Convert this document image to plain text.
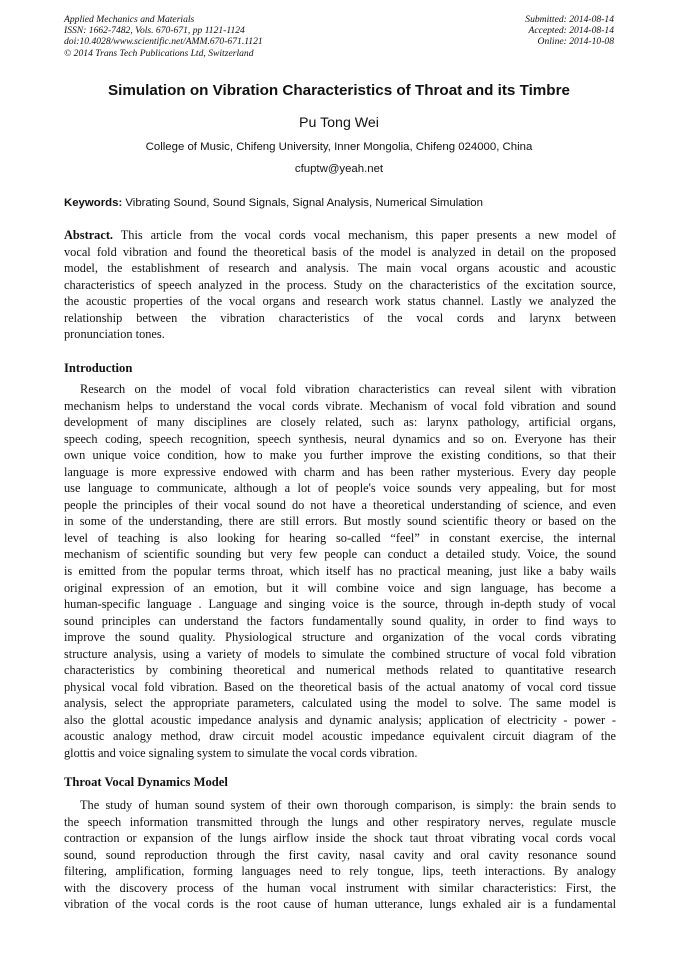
Applied Mechanics and Materials
ISSN: 1662-7482, Vols. 670-671, pp 1121-1124
doi:10.4028/www.scientific.net/AMM.670-671.1121
© 2014 Trans Tech Publications Ltd, Switzerland
Submitted: 2014-08-14
Accepted: 2014-08-14
Online: 2014-10-08
Simulation on Vibration Characteristics of Throat and its Timbre
Pu Tong Wei
College of Music, Chifeng University, Inner Mongolia, Chifeng 024000, China
cfuptw@yeah.net
Keywords: Vibrating Sound, Sound Signals, Signal Analysis, Numerical Simulation
Abstract. This article from the vocal cords vocal mechanism, this paper presents a new model of
vocal fold vibration and found the theoretical basis of the model is analyzed in detail on the proposed
model, the establishment of research and analysis. The main vocal organs acoustic and acoustic
characteristics of speech analyzed in the process. Study on the characteristics of the excitation source,
the acoustic properties of the vocal organs and research work status channel. Lastly we analyzed the
relationship between the vibration characteristics of the vocal cords and larynx between
pronunciation tones.
Introduction
Research on the model of vocal fold vibration characteristics can reveal silent with vibration
mechanism helps to understand the vocal cords vibrate. Mechanism of vocal fold vibration and sound
development of many disciplines are closely related, such as: larynx pathology, artificial organs,
speech coding, speech recognition, speech synthesis, neural dynamics and so on. Everyone has their
own unique voice condition, how to make you further improve the existing conditions, so that their
language is more expressive endowed with charm and has been rather mysterious. Every day people
use language to communicate, although a lot of people's voice sounds very appealing, but for most
people the principles of their vocal sound do not have a theoretical understanding of science, and even
in some of the understanding, there are still errors. But mostly sound scientific theory or based on the
level of teaching is also looking for hearing so-called “feel” in constant exercise, the internal
mechanism of scientific sounding but very few people can conduct a detailed study. Voice, the sound
is emitted from the popular terms throat, which itself has no practical meaning, just like a baby wails
original expression of an emotion, but it will combine voice and sign language, has become a
human-specific language . Language and singing voice is the source, through in-depth study of vocal
sound principles can understand the factors fundamentally sound quality, in order to find ways to
improve the sound quality. Physiological structure and organization of the vocal cords vibrating
structure analysis, using a variety of models to simulate the combined structure of vocal fold vibration
characteristics by combining theoretical and numerical methods related to quantitative research
physical vocal fold vibration. Based on the theoretical basis of the actual anatomy of vocal cord tissue
analysis, select the appropriate parameters, calculated using the model to solve. The same model is
also the glottal acoustic impedance analysis and dynamic analysis; application of electricity - power -
acoustic analogy method, draw circuit model acoustic impedance equivalent circuit diagram of the
glottis and voice signaling system to simulate the vocal cords vibration.
Throat Vocal Dynamics Model
The study of human sound system of their own thorough comparison, is simply: the brain sends to
the speech information transmitted through the lungs and other respiratory nerves, regulate muscle
contraction or expansion of the lungs airflow inside the shock taut throat vibrating vocal cords vocal
sound, sound reproduction through the first cavity, nasal cavity and oral cavity resonance sound
filtering, amplification, forming languages need to rely tongue, lips, teeth interactions. By analogy
with the discovery process of the human vocal instrument with similar characteristics: First, the
vibration of the vocal cords is the root cause of human utterance, lungs exhaled air is a fundamental
